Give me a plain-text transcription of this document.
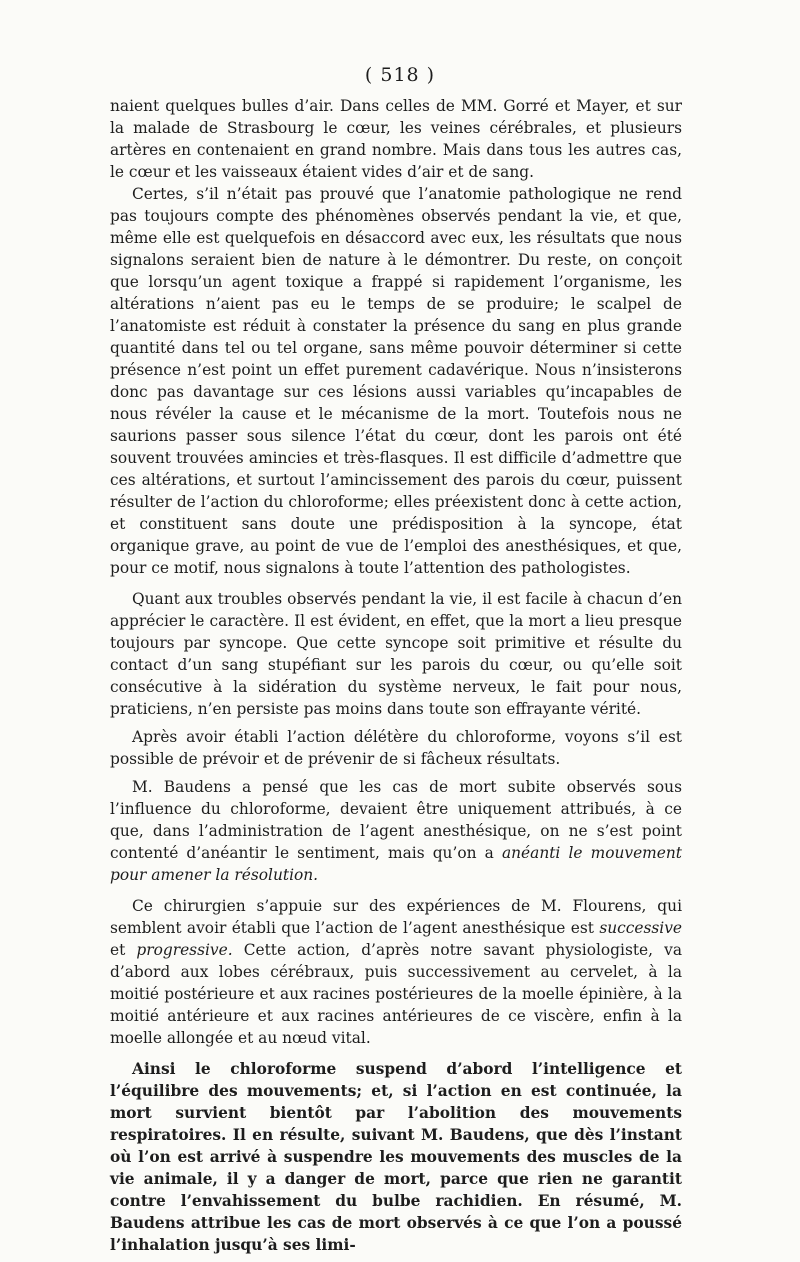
( 518 )

naient quelques bulles d’air. Dans celles de MM. Gorré et Mayer, et sur la malade de Strasbourg le cœur, les veines cérébrales, et plusieurs artères en contenaient en grand nombre. Mais dans tous les autres cas, le cœur et les vaisseaux étaient vides d’air et de sang.

Certes, s’il n’était pas prouvé que l’anatomie pathologique ne rend pas toujours compte des phénomènes observés pendant la vie, et que, même elle est quelquefois en désaccord avec eux, les résultats que nous signalons seraient bien de nature à le démontrer. Du reste, on conçoit que lorsqu’un agent toxique a frappé si rapidement l’organisme, les altérations n’aient pas eu le temps de se produire; le scalpel de l’anatomiste est réduit à constater la présence du sang en plus grande quantité dans tel ou tel organe, sans même pouvoir déterminer si cette présence n’est point un effet purement cadavérique. Nous n’insisterons donc pas davantage sur ces lésions aussi variables qu’incapables de nous révéler la cause et le mécanisme de la mort. Toutefois nous ne saurions passer sous silence l’état du cœur, dont les parois ont été souvent trouvées amincies et très-flasques. Il est difficile d’admettre que ces altérations, et surtout l’amincissement des parois du cœur, puissent résulter de l’action du chloroforme; elles préexistent donc à cette action, et constituent sans doute une prédisposition à la syncope, état organique grave, au point de vue de l’emploi des anesthésiques, et que, pour ce motif, nous signalons à toute l’attention des pathologistes.

Quant aux troubles observés pendant la vie, il est facile à chacun d’en apprécier le caractère. Il est évident, en effet, que la mort a lieu presque toujours par syncope. Que cette syncope soit primitive et résulte du contact d’un sang stupéfiant sur les parois du cœur, ou qu’elle soit consécutive à la sidération du système nerveux, le fait pour nous, praticiens, n’en persiste pas moins dans toute son effrayante vérité.

Après avoir établi l’action délétère du chloroforme, voyons s’il est possible de prévoir et de prévenir de si fâcheux résultats.

M. Baudens a pensé que les cas de mort subite observés sous l’influence du chloroforme, devaient être uniquement attribués, à ce que, dans l’administration de l’agent anesthésique, on ne s’est point contenté d’anéantir le sentiment, mais qu’on a anéanti le mouvement pour amener la résolution.

Ce chirurgien s’appuie sur des expériences de M. Flourens, qui semblent avoir établi que l’action de l’agent anesthésique est successive et progressive. Cette action, d’après notre savant physiologiste, va d’abord aux lobes cérébraux, puis successivement au cervelet, à la moitié postérieure et aux racines postérieures de la moelle épinière, à la moitié antérieure et aux racines antérieures de ce viscère, enfin à la moelle allongée et au nœud vital.

Ainsi le chloroforme suspend d’abord l’intelligence et l’équilibre des mouvements; et, si l’action en est continuée, la mort survient bientôt par l’abolition des mouvements respiratoires. Il en résulte, suivant M. Baudens, que dès l’instant où l’on est arrivé à suspendre les mouvements des muscles de la vie animale, il y a danger de mort, parce que rien ne garantit contre l’envahissement du bulbe rachidien. En résumé, M. Baudens attribue les cas de mort observés à ce que l’on a poussé l’inhalation jusqu’à ses limi-
